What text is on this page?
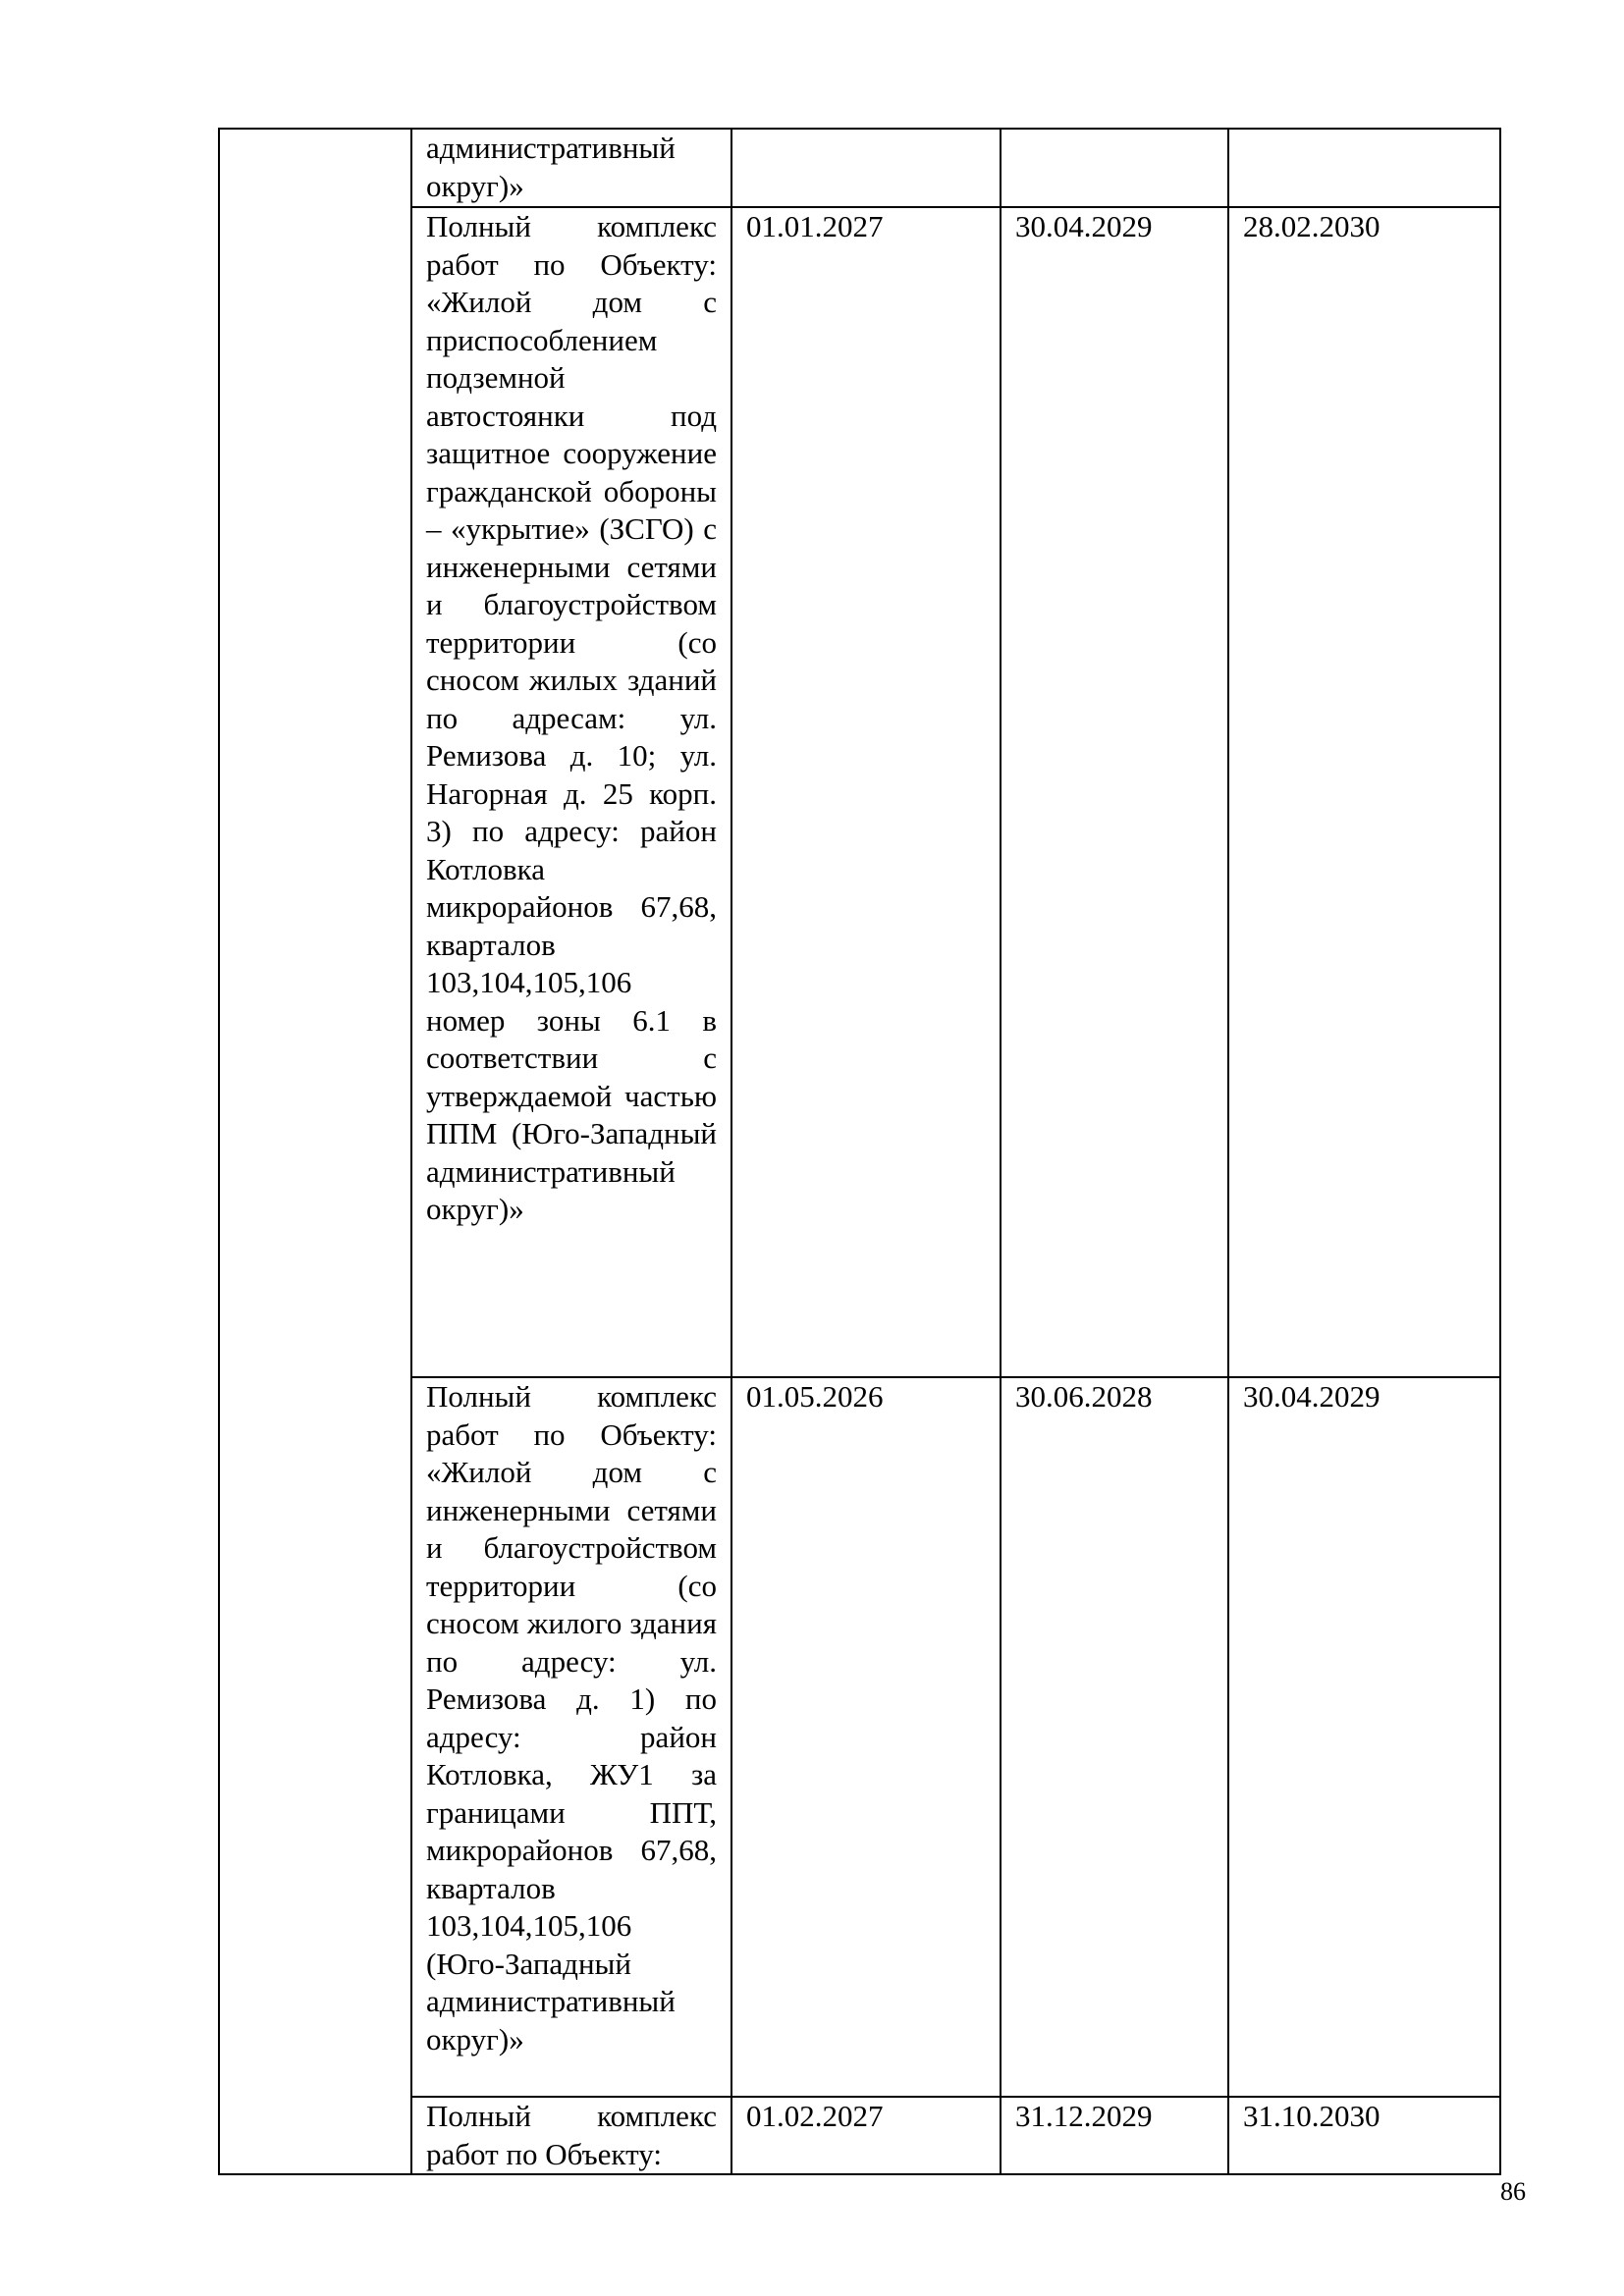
	административный округ)»			
	Полный комплекс работ по Объекту: «Жилой дом с приспособлением подземной автостоянки под защитное сооружение гражданской обороны – «укрытие» (ЗСГО) с инженерными сетями и благоустройством территории (со сносом жилых зданий по адресам: ул. Ремизова д. 10; ул. Нагорная д. 25 корп. 3) по адресу: район Котловка микрорайонов 67,68, кварталов 103,104,105,106 номер зоны 6.1 в соответствии с утверждаемой частью ППМ (Юго-Западный административный округ)»	01.01.2027	30.04.2029	28.02.2030
	Полный комплекс работ по Объекту: «Жилой дом с инженерными сетями и благоустройством территории (со сносом жилого здания по адресу: ул. Ремизова д. 1) по адресу: район Котловка, ЖУ1 за границами ППТ, микрорайонов 67,68, кварталов 103,104,105,106 (Юго-Западный административный округ)»	01.05.2026	30.06.2028	30.04.2029
	Полный комплекс работ по Объекту:	01.02.2027	31.12.2029	31.10.2030
86
